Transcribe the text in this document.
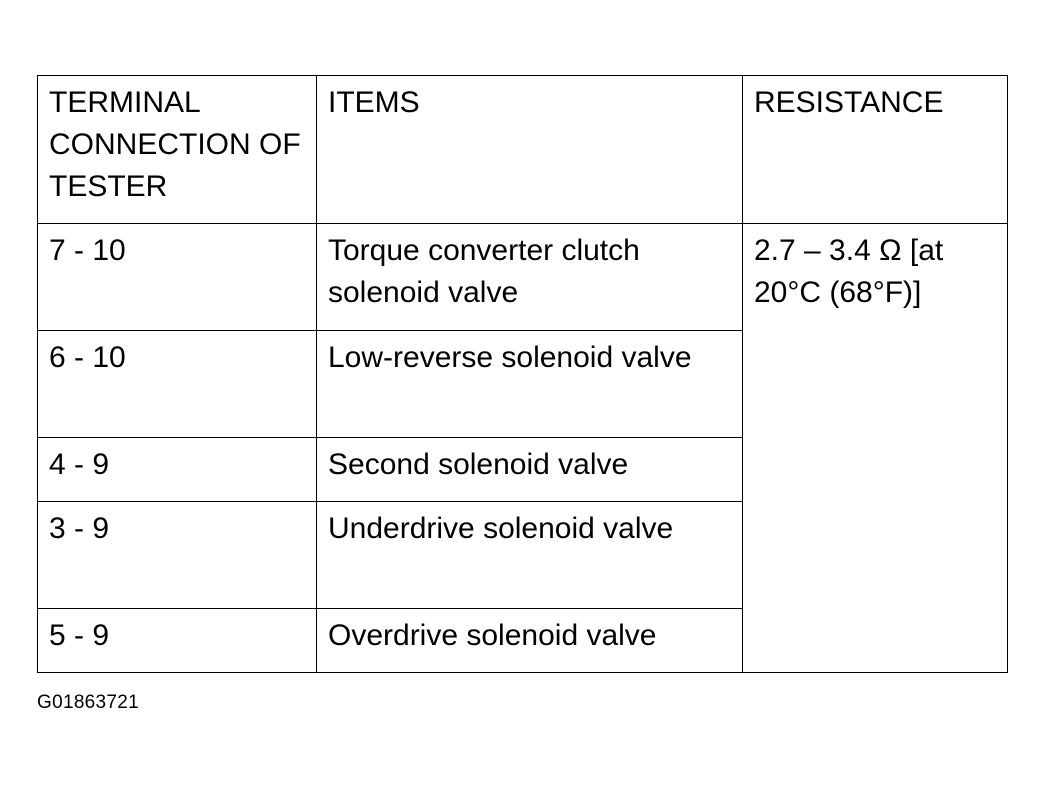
TERMINAL CONNECTION OF TESTER	ITEMS	RESISTANCE
7 - 10	Torque converter clutch solenoid valve	2.7 – 3.4 Ω [at 20°C (68°F)]
6 - 10	Low-reverse solenoid valve	
4 - 9	Second solenoid valve	
3 - 9	Underdrive solenoid valve	
5 - 9	Overdrive solenoid valve	
G01863721
